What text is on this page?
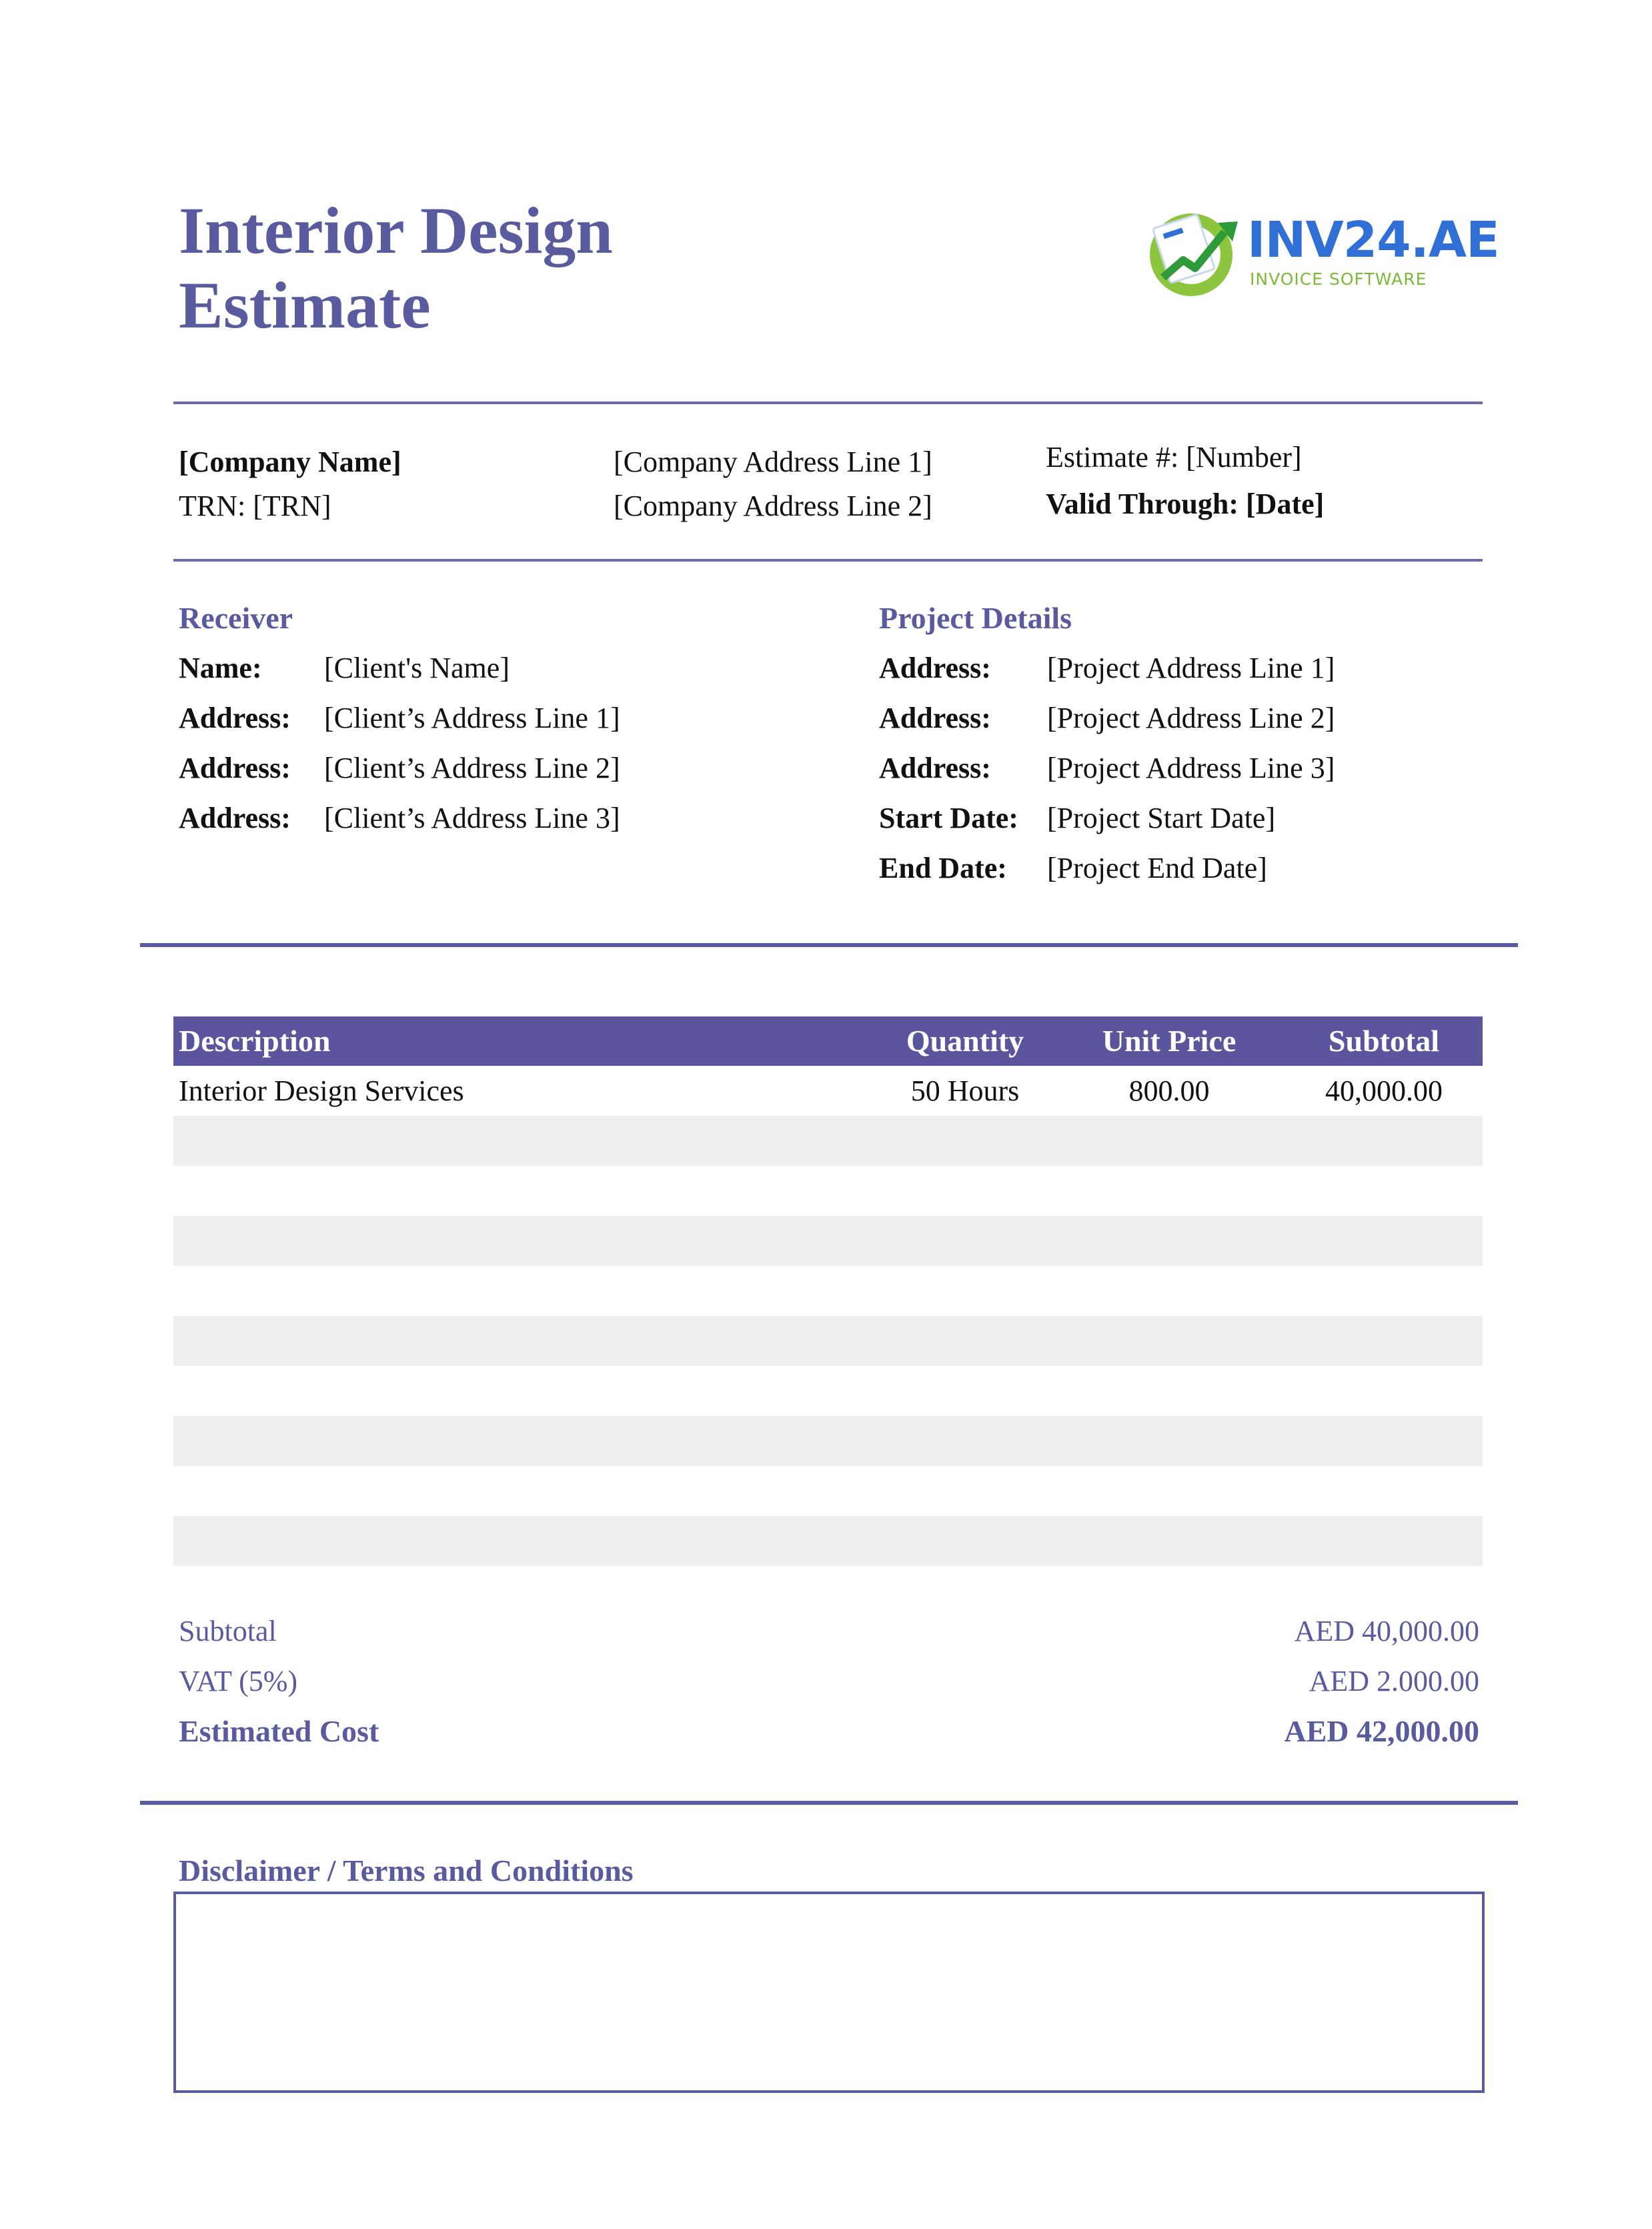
Interior Design
Estimate
INV24.AE
INVOICE SOFTWARE
[Company Name]
TRN: [TRN]
[Company Address Line 1]
[Company Address Line 2]
Estimate #: [Number]
Valid Through: [Date]
Receiver
Name: [Client's Name]
Address: [Client’s Address Line 1]
Address: [Client’s Address Line 2]
Address: [Client’s Address Line 3]
Project Details
Address: [Project Address Line 1]
Address: [Project Address Line 2]
Address: [Project Address Line 3]
Start Date: [Project Start Date]
End Date: [Project End Date]
Description	Quantity	Unit Price	Subtotal
Interior Design Services	50 Hours	800.00	40,000.00
Subtotal	AED 40,000.00
VAT (5%)	AED 2.000.00
Estimated Cost	AED 42,000.00
Disclaimer / Terms and Conditions
